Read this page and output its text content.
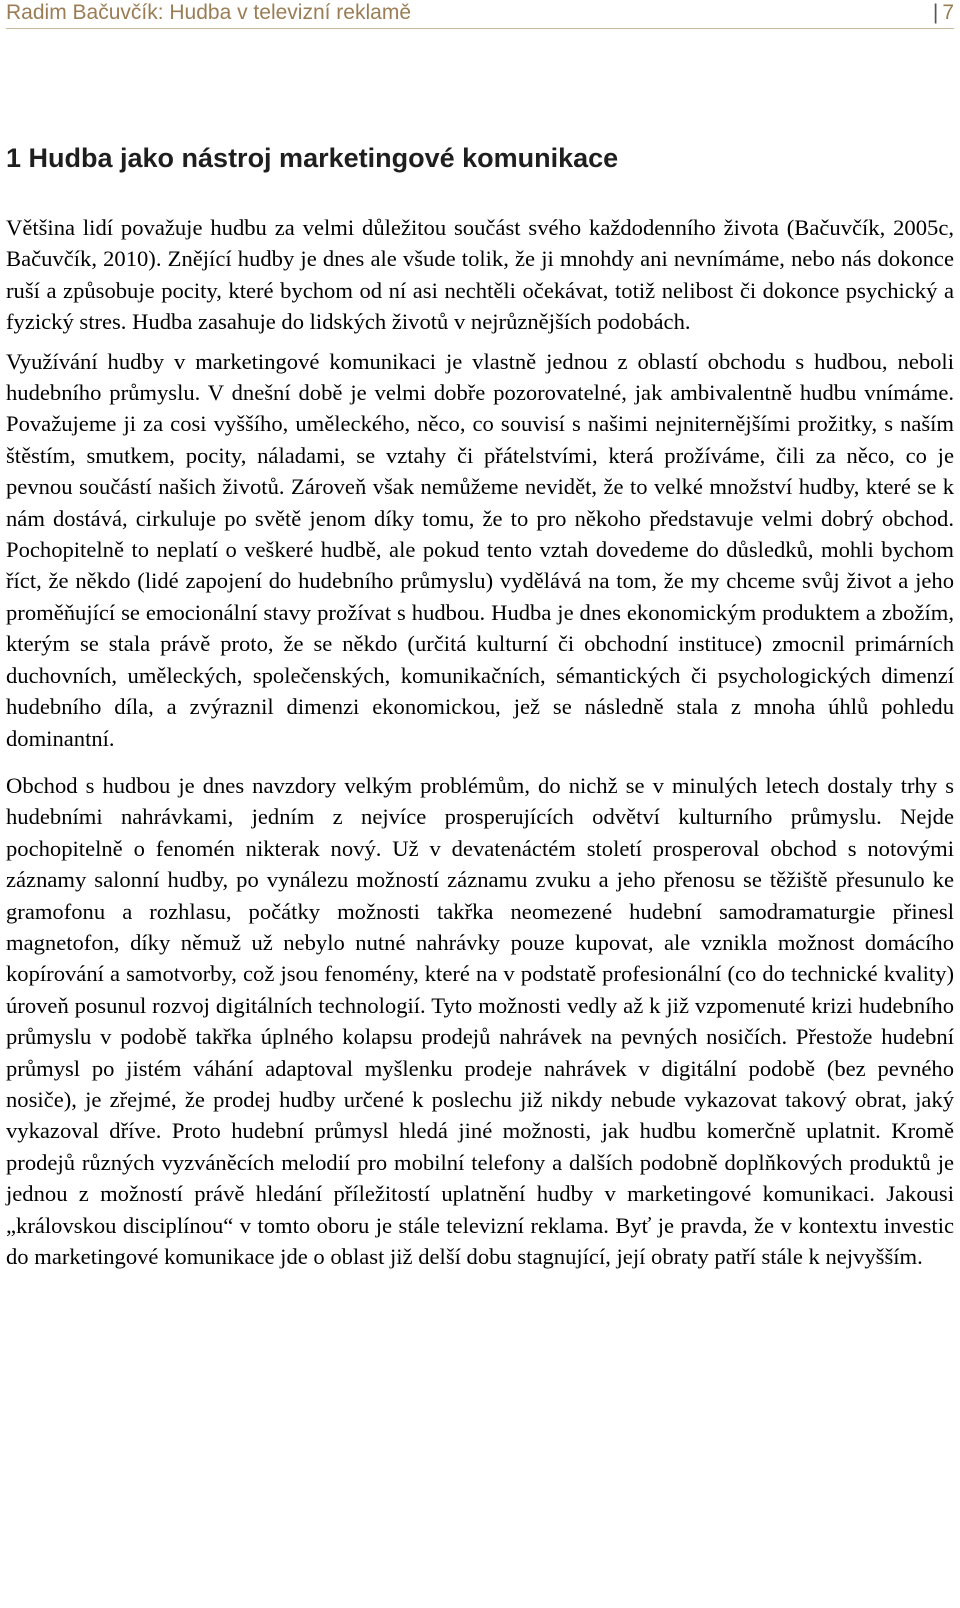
Radim Bačuvčík: Hudba v televizní reklamě	| 7
1 Hudba jako nástroj marketingové komunikace

Většina lidí považuje hudbu za velmi důležitou součást svého každodenního života (Bačuvčík, 2005c, Bačuvčík, 2010). Znějící hudby je dnes ale všude tolik, že ji mnohdy ani nevnímáme, nebo nás dokonce ruší a způsobuje pocity, které bychom od ní asi nechtěli očekávat, totiž nelibost či dokonce psychický a fyzický stres. Hudba zasahuje do lidských životů v nejrůznějších podobách.

Využívání hudby v marketingové komunikaci je vlastně jednou z oblastí obchodu s hudbou, neboli hudebního průmyslu. V dnešní době je velmi dobře pozorovatelné, jak ambivalentně hudbu vnímáme. Považujeme ji za cosi vyššího, uměleckého, něco, co souvisí s našimi nejniternějšími prožitky, s naším štěstím, smutkem, pocity, náladami, se vztahy či přátelstvími, která prožíváme, čili za něco, co je pevnou součástí našich životů. Zároveň však nemůžeme nevidět, že to velké množství hudby, které se k nám dostává, cirkuluje po světě jenom díky tomu, že to pro někoho představuje velmi dobrý obchod. Pochopitelně to neplatí o veškeré hudbě, ale pokud tento vztah dovedeme do důsledků, mohli bychom říct, že někdo (lidé zapojení do hudebního průmyslu) vydělává na tom, že my chceme svůj život a jeho proměňující se emocionální stavy prožívat s hudbou. Hudba je dnes ekonomickým produktem a zbožím, kterým se stala právě proto, že se někdo (určitá kulturní či obchodní instituce) zmocnil primárních duchovních, uměleckých, společenských, komunikačních, sémantických či psychologických dimenzí hudebního díla, a zvýraznil dimenzi ekonomickou, jež se následně stala z mnoha úhlů pohledu dominantní.

Obchod s hudbou je dnes navzdory velkým problémům, do nichž se v minulých letech dostaly trhy s hudebními nahrávkami, jedním z nejvíce prosperujících odvětví kulturního průmyslu. Nejde pochopitelně o fenomén nikterak nový. Už v devatenáctém století prosperoval obchod s notovými záznamy salonní hudby, po vynálezu možností záznamu zvuku a jeho přenosu se těžiště přesunulo ke gramofonu a rozhlasu, počátky možnosti takřka neomezené hudební samodramaturgie přinesl magnetofon, díky němuž už nebylo nutné nahrávky pouze kupovat, ale vznikla možnost domácího kopírování a samotvorby, což jsou fenomény, které na v podstatě profesionální (co do technické kvality) úroveň posunul rozvoj digitálních technologií. Tyto možnosti vedly až k již vzpomenuté krizi hudebního průmyslu v podobě takřka úplného kolapsu prodejů nahrávek na pevných nosičích. Přestože hudební průmysl po jistém váhání adaptoval myšlenku prodeje nahrávek v digitální podobě (bez pevného nosiče), je zřejmé, že prodej hudby určené k poslechu již nikdy nebude vykazovat takový obrat, jaký vykazoval dříve. Proto hudební průmysl hledá jiné možnosti, jak hudbu komerčně uplatnit. Kromě prodejů různých vyzváněcích melodií pro mobilní telefony a dalších podobně doplňkových produktů je jednou z možností právě hledání příležitostí uplatnění hudby v marketingové komunikaci. Jakousi „královskou disciplínou“ v tomto oboru je stále televizní reklama. Byť je pravda, že v kontextu investic do marketingové komunikace jde o oblast již delší dobu stagnující, její obraty patří stále k nejvyšším.
